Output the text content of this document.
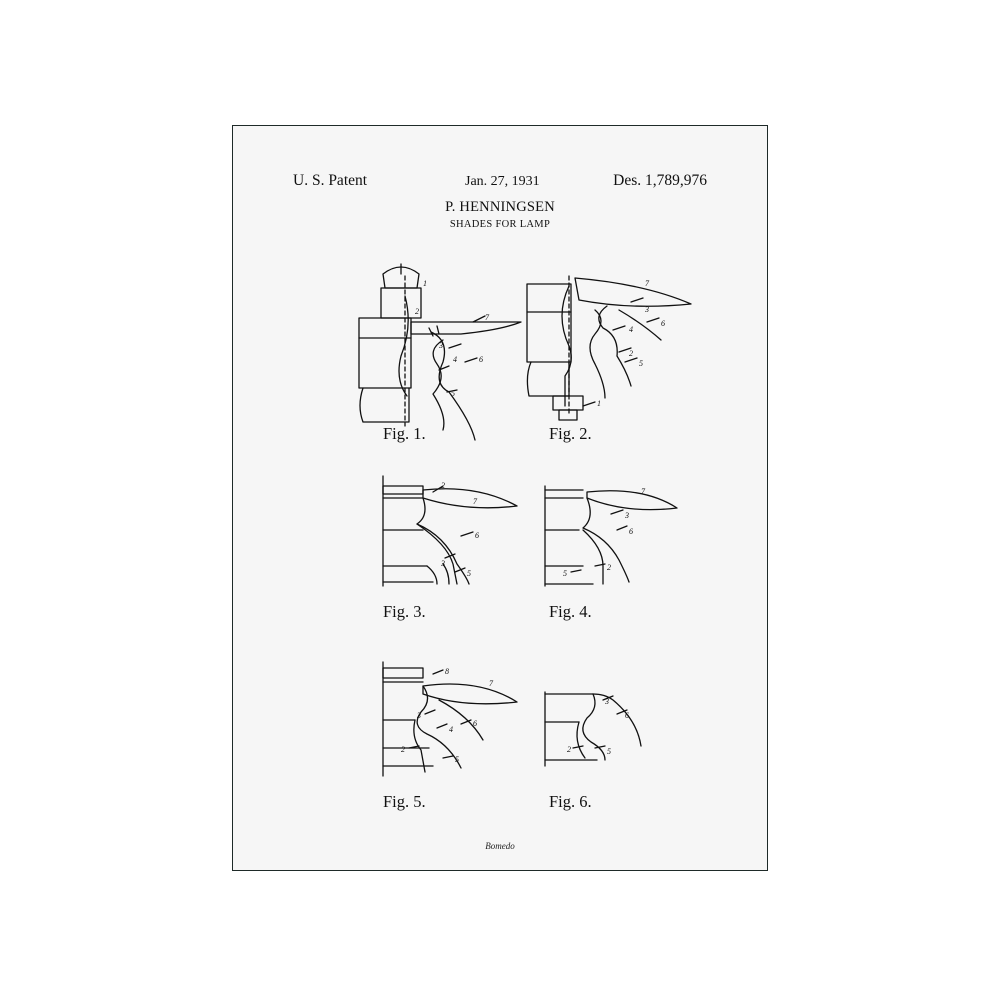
U. S. Patent	Jan. 27, 1931	Des. 1,789,976
P. HENNINGSEN
SHADES FOR LAMP
1
2
7
3
4	6
5
7
3
4
6
2
5
1
2
7
6
3
5
7
3
6
2
5
8
7
3
4
6
2
5
3
6
2	5
Fig. 1.	Fig. 2.
Fig. 3.	Fig. 4.
Fig. 5.	Fig. 6.
Bomedo
